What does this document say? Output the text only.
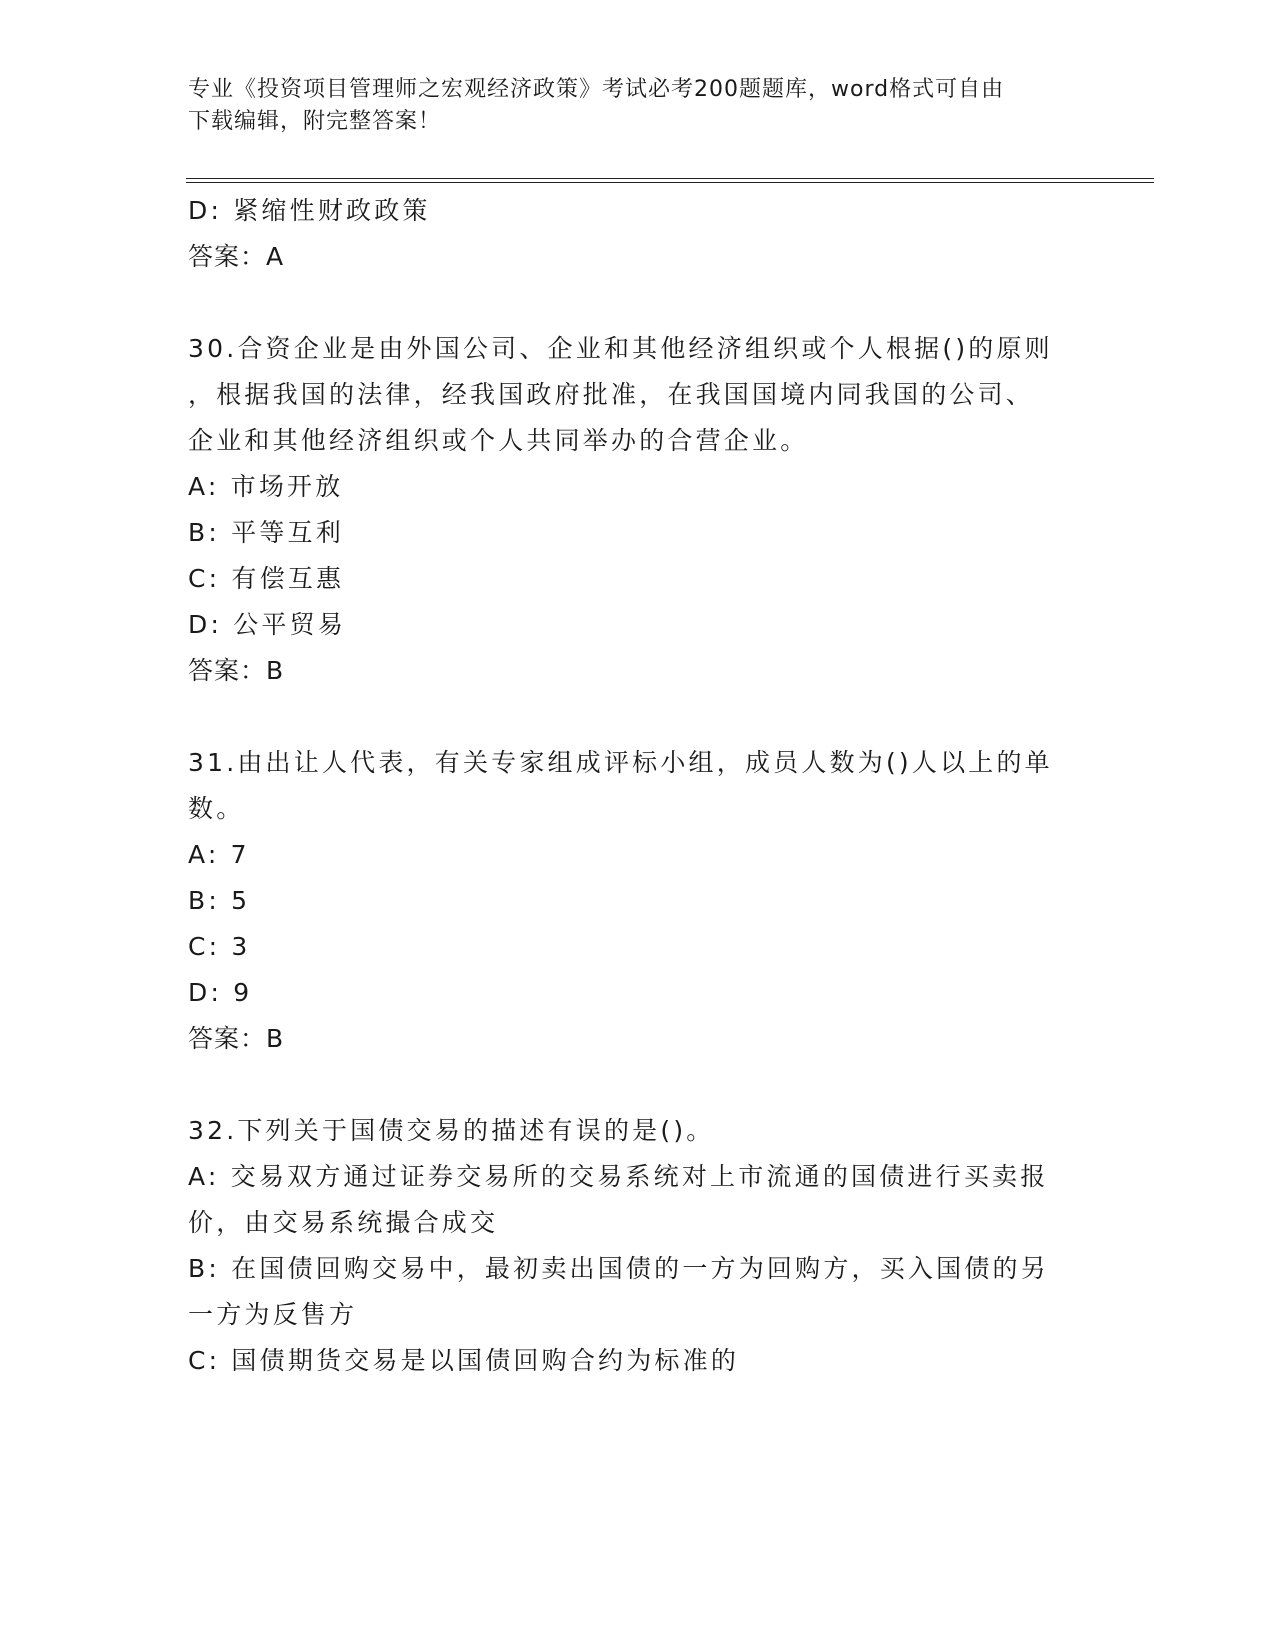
专业《投资项目管理师之宏观经济政策》考试必考200题题库，word格式可自由
下载编辑，附完整答案！
D: 紧缩性财政政策
答案：A
30.合资企业是由外国公司、企业和其他经济组织或个人根据()的原则
，根据我国的法律，经我国政府批准，在我国国境内同我国的公司、
企业和其他经济组织或个人共同举办的合营企业。
A: 市场开放
B: 平等互利
C: 有偿互惠
D: 公平贸易
答案：B
31.由出让人代表，有关专家组成评标小组，成员人数为()人以上的单
数。
A: 7
B: 5
C: 3
D: 9
答案：B
32.下列关于国债交易的描述有误的是()。
A: 交易双方通过证券交易所的交易系统对上市流通的国债进行买卖报
价，由交易系统撮合成交
B: 在国债回购交易中，最初卖出国债的一方为回购方，买入国债的另
一方为反售方
C: 国债期货交易是以国债回购合约为标准的
